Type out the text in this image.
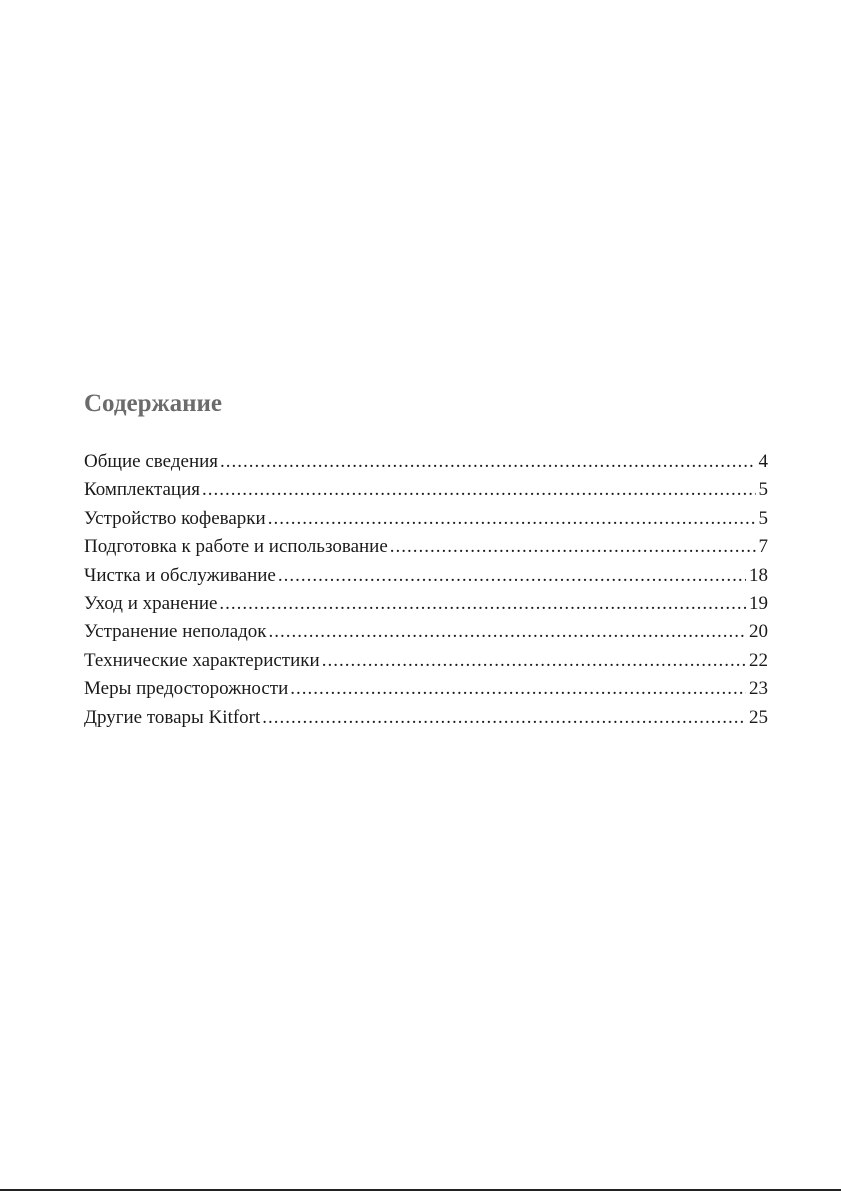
Содержание
Общие сведения .....	4
Комплектация .....	5
Устройство кофеварки .....	5
Подготовка к работе и использование .....	7
Чистка и обслуживание .....	18
Уход и хранение .....	19
Устранение неполадок .....	20
Технические характеристики .....	22
Меры предосторожности .....	23
Другие товары Kitfort .....	25
